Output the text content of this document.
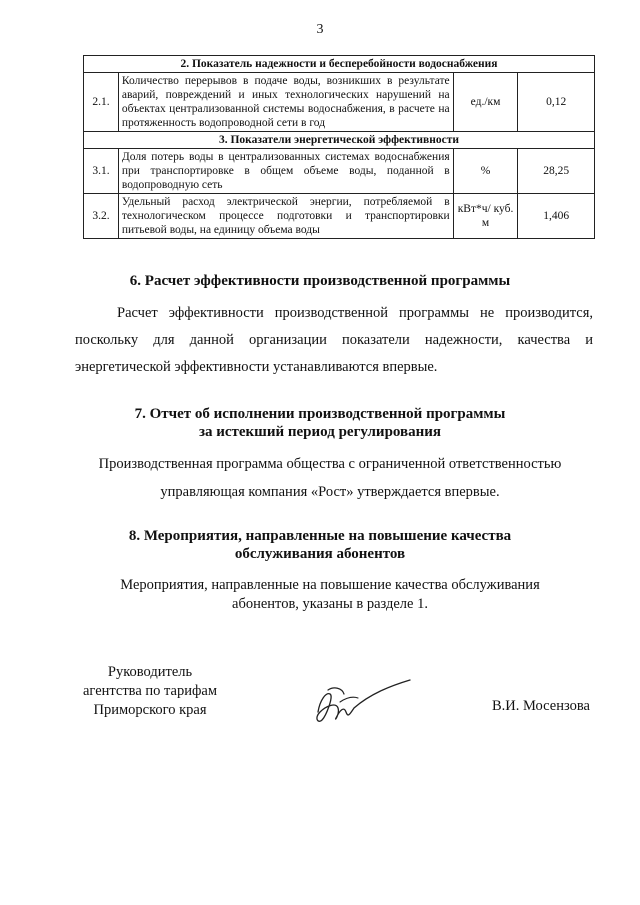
3
2. Показатель надежности и бесперебойности водоснабжения			
2.1.	Количество перерывов в подаче воды, возникших в результате аварий, повреждений и иных технологических нарушений на объектах централизованной системы водоснабжения, в расчете на протяженность водопроводной сети в год	ед./км	0,12
3. Показатели энергетической эффективности			
3.1.	Доля потерь воды в централизованных системах водоснабжения при транспортировке в общем объеме воды, поданной в водопроводную сеть	%	28,25
3.2.	Удельный расход электрической энергии, потребляемой в технологическом процессе подготовки и транспортировки питьевой воды, на единицу объема воды	кВт*ч/ куб. м	1,406
6. Расчет эффективности производственной программы
Расчет эффективности производственной программы не производится, поскольку для данной организации показатели надежности, качества и энергетической эффективности устанавливаются впервые.
7. Отчет об исполнении производственной программы
за истекший период регулирования
Производственная программа общества с ограниченной ответственностью
управляющая компания «Рост» утверждается впервые.
8. Мероприятия, направленные на повышение качества
обслуживания абонентов
Мероприятия, направленные на повышение качества обслуживания
абонентов, указаны в разделе 1.
Руководитель
агентства по тарифам
Приморского края	В.И. Мосензова
